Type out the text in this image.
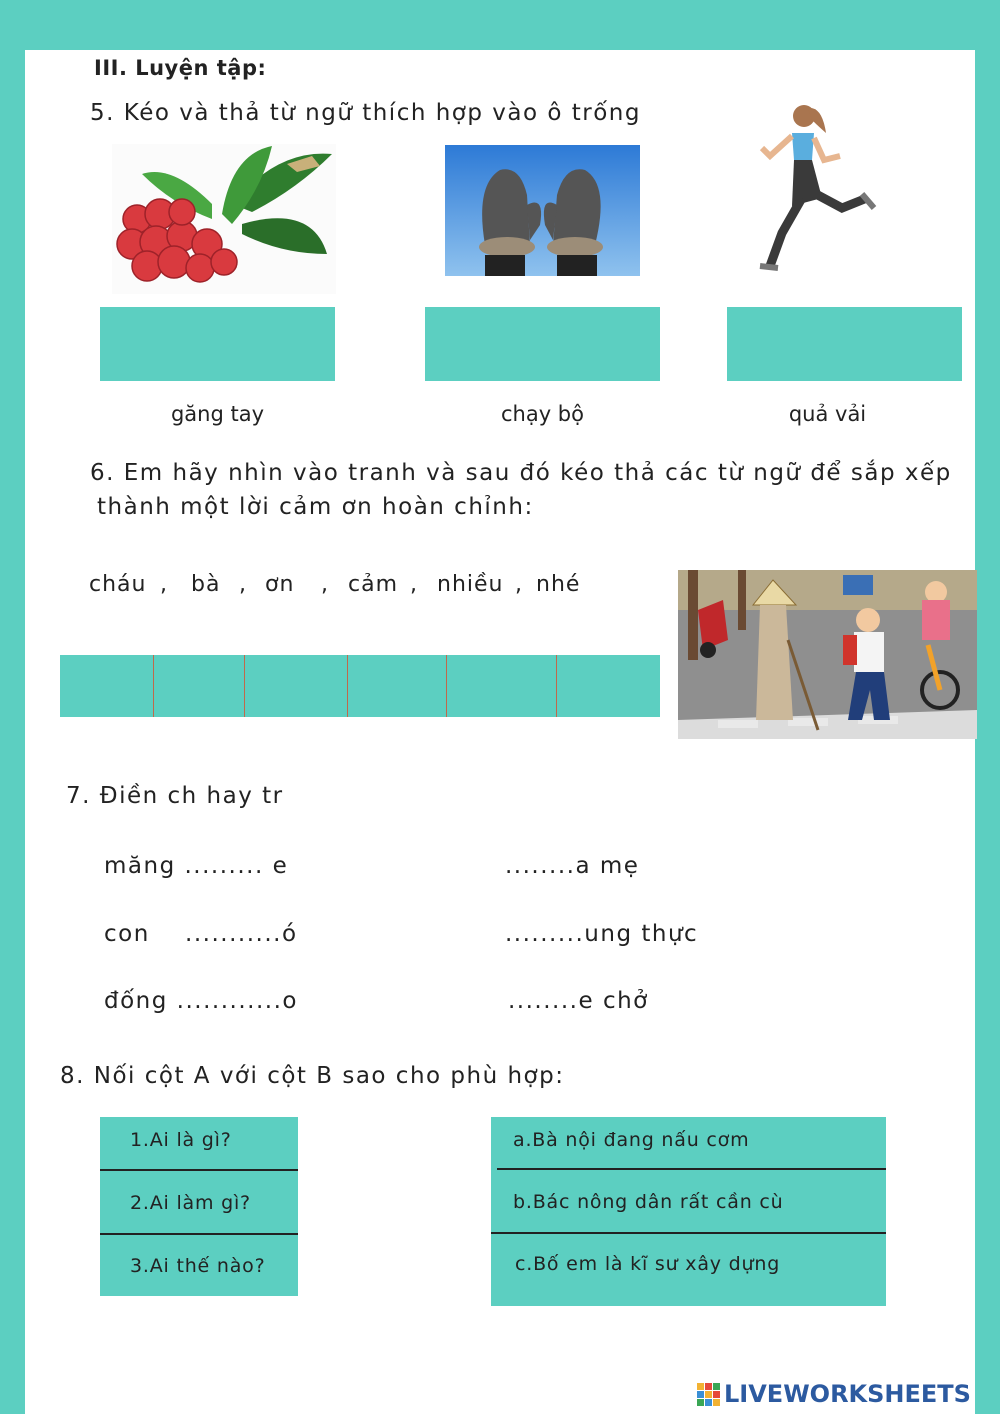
III. Luyện tập:
5. Kéo và thả từ ngữ thích hợp vào ô trống
găng tay	chạy bộ	quả vải
6. Em hãy nhìn vào tranh và sau đó kéo thả các từ ngữ để sắp xếp
thành một lời cảm ơn hoàn chỉnh:
cháu , bà , ơn , cảm , nhiều , nhé
7. Điền ch hay tr
măng ......... e	........a mẹ
con    ...........ó	.........ung thực
đống ............o	........e chở
8. Nối cột A với cột B sao cho phù hợp:
1.Ai là gì?
2.Ai làm gì?
3.Ai thế nào?
a.Bà nội đang nấu cơm
b.Bác nông dân rất cần cù
c.Bố em là kĩ sư xây dựng
LIVEWORKSHEETS
